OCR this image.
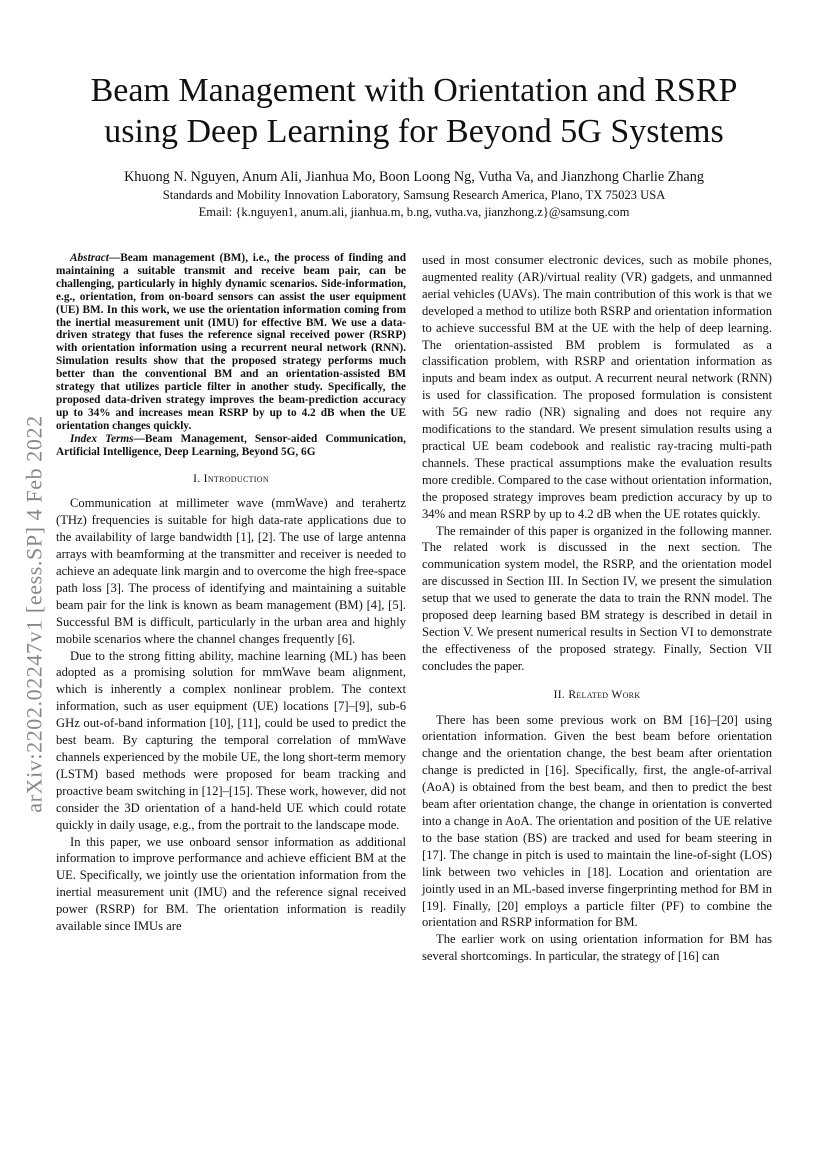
arXiv:2202.02247v1 [eess.SP] 4 Feb 2022
Beam Management with Orientation and RSRP
using Deep Learning for Beyond 5G Systems
Khuong N. Nguyen, Anum Ali, Jianhua Mo, Boon Loong Ng, Vutha Va, and Jianzhong Charlie Zhang
Standards and Mobility Innovation Laboratory, Samsung Research America, Plano, TX 75023 USA
Email: {k.nguyen1, anum.ali, jianhua.m, b.ng, vutha.va, jianzhong.z}@samsung.com

Abstract—Beam management (BM), i.e., the process of finding and maintaining a suitable transmit and receive beam pair, can be challenging, particularly in highly dynamic scenarios. Side-information, e.g., orientation, from on-board sensors can assist the user equipment (UE) BM. In this work, we use the orientation information coming from the inertial measurement unit (IMU) for effective BM. We use a data-driven strategy that fuses the reference signal received power (RSRP) with orientation information using a recurrent neural network (RNN). Simulation results show that the proposed strategy performs much better than the conventional BM and an orientation-assisted BM strategy that utilizes particle filter in another study. Specifically, the proposed data-driven strategy improves the beam-prediction accuracy up to 34% and increases mean RSRP by up to 4.2 dB when the UE orientation changes quickly.

Index Terms—Beam Management, Sensor-aided Communication, Artificial Intelligence, Deep Learning, Beyond 5G, 6G

I. Introduction

Communication at millimeter wave (mmWave) and terahertz (THz) frequencies is suitable for high data-rate applications due to the availability of large bandwidth [1], [2]. The use of large antenna arrays with beamforming at the transmitter and receiver is needed to achieve an adequate link margin and to overcome the high free-space path loss [3]. The process of identifying and maintaining a suitable beam pair for the link is known as beam management (BM) [4], [5]. Successful BM is difficult, particularly in the urban area and highly mobile scenarios where the channel changes frequently [6].

Due to the strong fitting ability, machine learning (ML) has been adopted as a promising solution for mmWave beam alignment, which is inherently a complex nonlinear problem. The context information, such as user equipment (UE) locations [7]–[9], sub-6 GHz out-of-band information [10], [11], could be used to predict the best beam. By capturing the temporal correlation of mmWave channels experienced by the mobile UE, the long short-term memory (LSTM) based methods were proposed for beam tracking and proactive beam switching in [12]–[15]. These work, however, did not consider the 3D orientation of a hand-held UE which could rotate quickly in daily usage, e.g., from the portrait to the landscape mode.

In this paper, we use onboard sensor information as additional information to improve performance and achieve efficient BM at the UE. Specifically, we jointly use the orientation information from the inertial measurement unit (IMU) and the reference signal received power (RSRP) for BM. The orientation information is readily available since IMUs are

used in most consumer electronic devices, such as mobile phones, augmented reality (AR)/virtual reality (VR) gadgets, and unmanned aerial vehicles (UAVs). The main contribution of this work is that we developed a method to utilize both RSRP and orientation information to achieve successful BM at the UE with the help of deep learning. The orientation-assisted BM problem is formulated as a classification problem, with RSRP and orientation information as inputs and beam index as output. A recurrent neural network (RNN) is used for classification. The proposed formulation is consistent with 5G new radio (NR) signaling and does not require any modifications to the standard. We present simulation results using a practical UE beam codebook and realistic ray-tracing multi-path channels. These practical assumptions make the evaluation results more credible. Compared to the case without orientation information, the proposed strategy improves beam prediction accuracy by up to 34% and mean RSRP by up to 4.2 dB when the UE rotates quickly.

The remainder of this paper is organized in the following manner. The related work is discussed in the next section. The communication system model, the RSRP, and the orientation model are discussed in Section III. In Section IV, we present the simulation setup that we used to generate the data to train the RNN model. The proposed deep learning based BM strategy is described in detail in Section V. We present numerical results in Section VI to demonstrate the effectiveness of the proposed strategy. Finally, Section VII concludes the paper.

II. Related Work

There has been some previous work on BM [16]–[20] using orientation information. Given the best beam before orientation change and the orientation change, the best beam after orientation change is predicted in [16]. Specifically, first, the angle-of-arrival (AoA) is obtained from the best beam, and then to predict the best beam after orientation change, the change in orientation is converted into a change in AoA. The orientation and position of the UE relative to the base station (BS) are tracked and used for beam steering in [17]. The change in pitch is used to maintain the line-of-sight (LOS) link between two vehicles in [18]. Location and orientation are jointly used in an ML-based inverse fingerprinting method for BM in [19]. Finally, [20] employs a particle filter (PF) to combine the orientation and RSRP information for BM.

The earlier work on using orientation information for BM has several shortcomings. In particular, the strategy of [16] can
